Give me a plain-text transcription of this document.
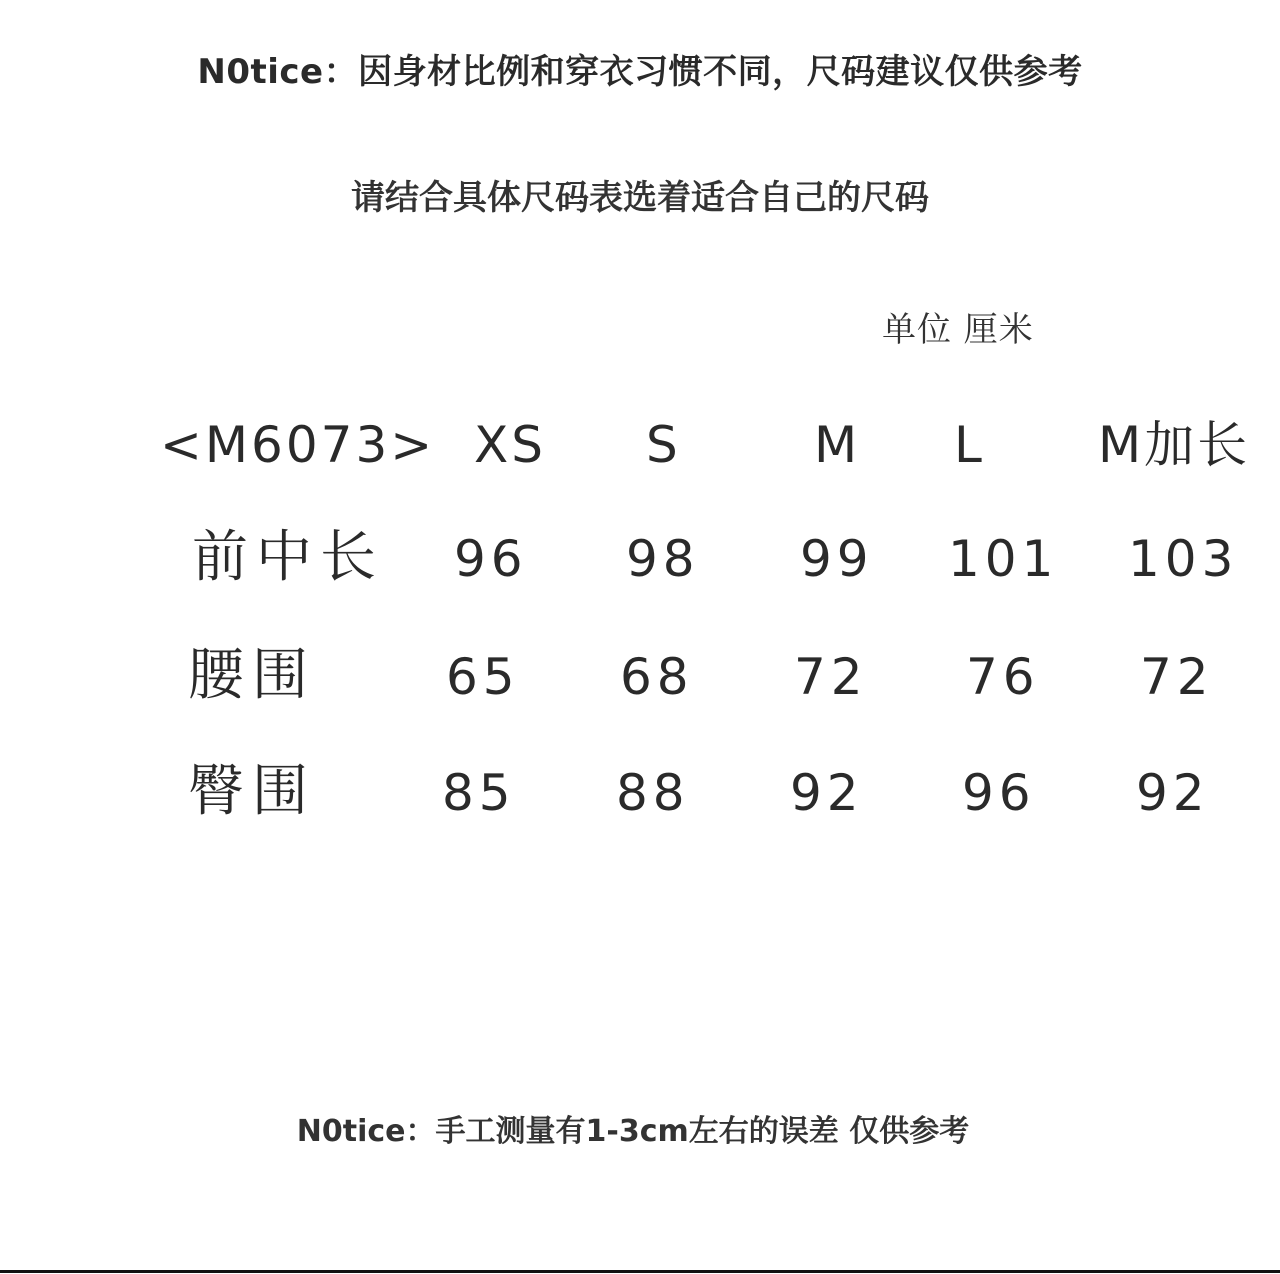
N0tice：因身材比例和穿衣习惯不同，尺码建议仅供参考
请结合具体尺码表选着适合自己的尺码
单位 厘米
<M6073> XS S	M L M加长
前中长 96 98 99 101 103
腰围	65 68 72 76 72
臀围	85 88 92 96 92
N0tice：手工测量有1-3cm左右的误差 仅供参考
